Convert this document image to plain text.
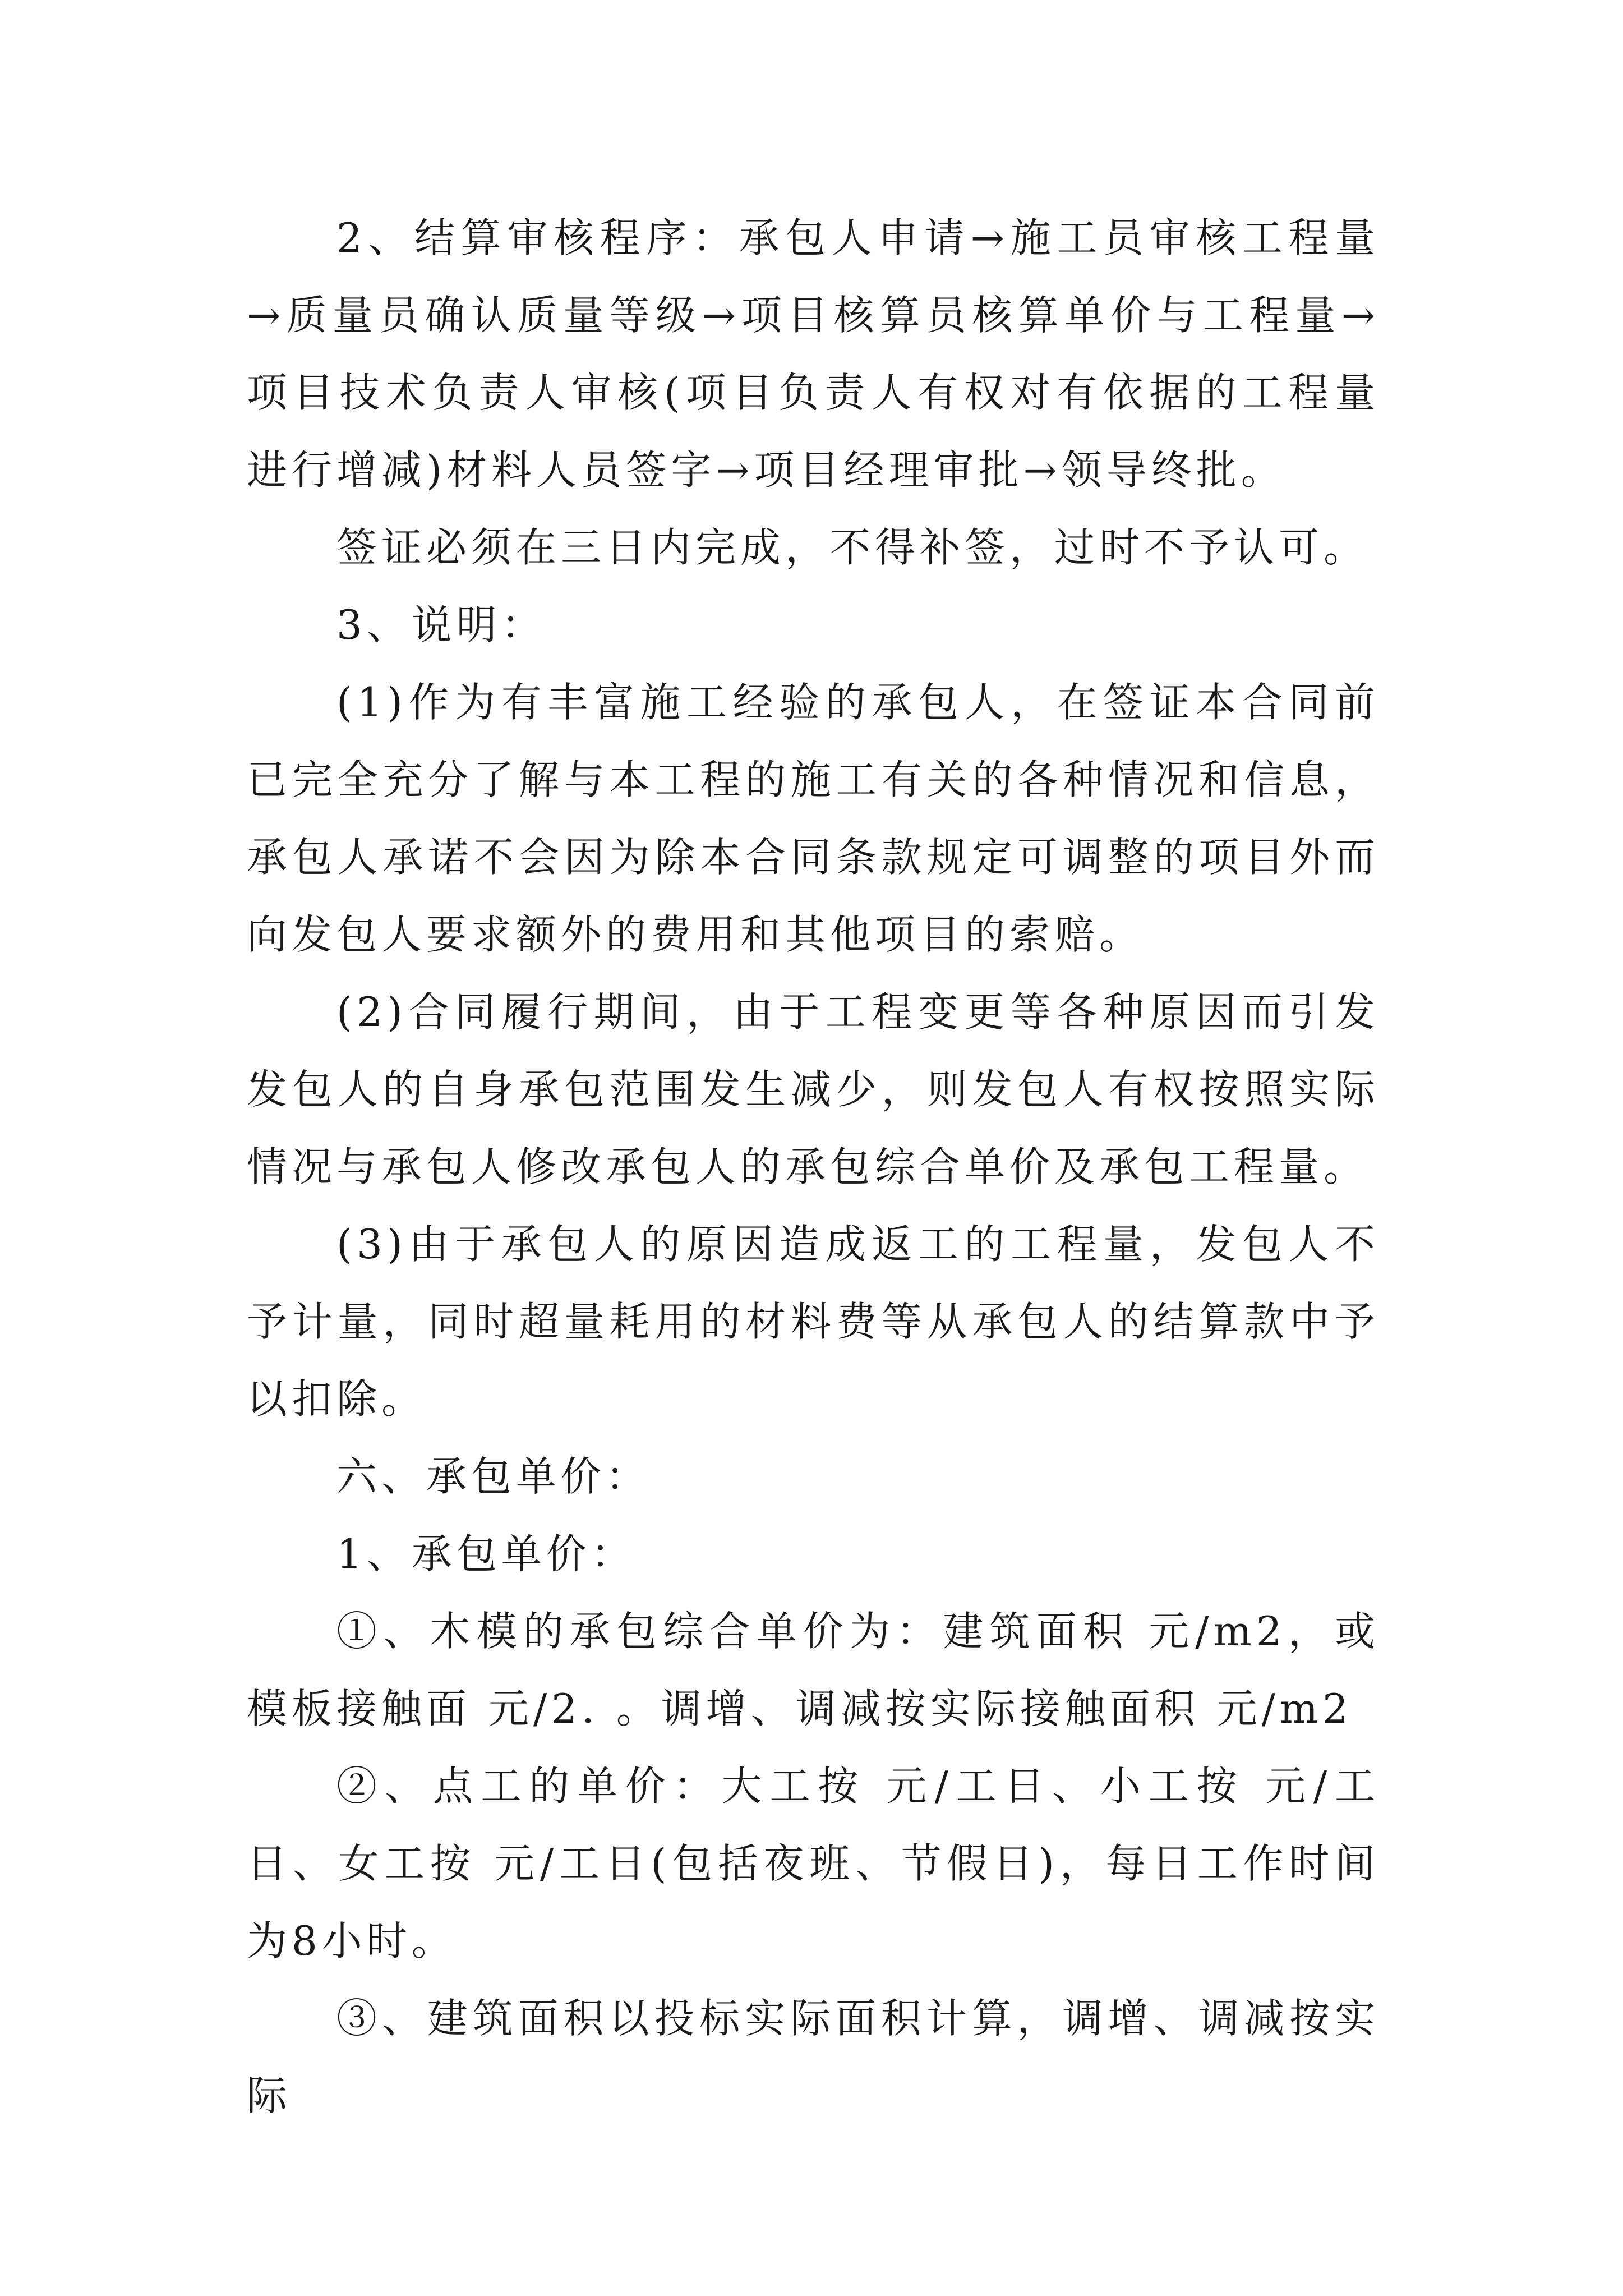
2、结算审核程序：承包人申请→施工员审核工程量→质量员确认质量等级→项目核算员核算单价与工程量→项目技术负责人审核(项目负责人有权对有依据的工程量进行增减)材料人员签字→项目经理审批→领导终批。

签证必须在三日内完成，不得补签，过时不予认可。

3、说明：

(1)作为有丰富施工经验的承包人，在签证本合同前已完全充分了解与本工程的施工有关的各种情况和信息，承包人承诺不会因为除本合同条款规定可调整的项目外而向发包人要求额外的费用和其他项目的索赔。

(2)合同履行期间，由于工程变更等各种原因而引发发包人的自身承包范围发生减少，则发包人有权按照实际情况与承包人修改承包人的承包综合单价及承包工程量。

(3)由于承包人的原因造成返工的工程量，发包人不予计量，同时超量耗用的材料费等从承包人的结算款中予以扣除。

六、承包单价：

1、承包单价：

①、木模的承包综合单价为：建筑面积 元/m2，或模板接触面 元/2. 。调增、调减按实际接触面积 元/m2

②、点工的单价：大工按 元/工日、小工按 元/工日、女工按 元/工日(包括夜班、节假日)，每日工作时间为8小时。

③、建筑面积以投标实际面积计算，调增、调减按实际
